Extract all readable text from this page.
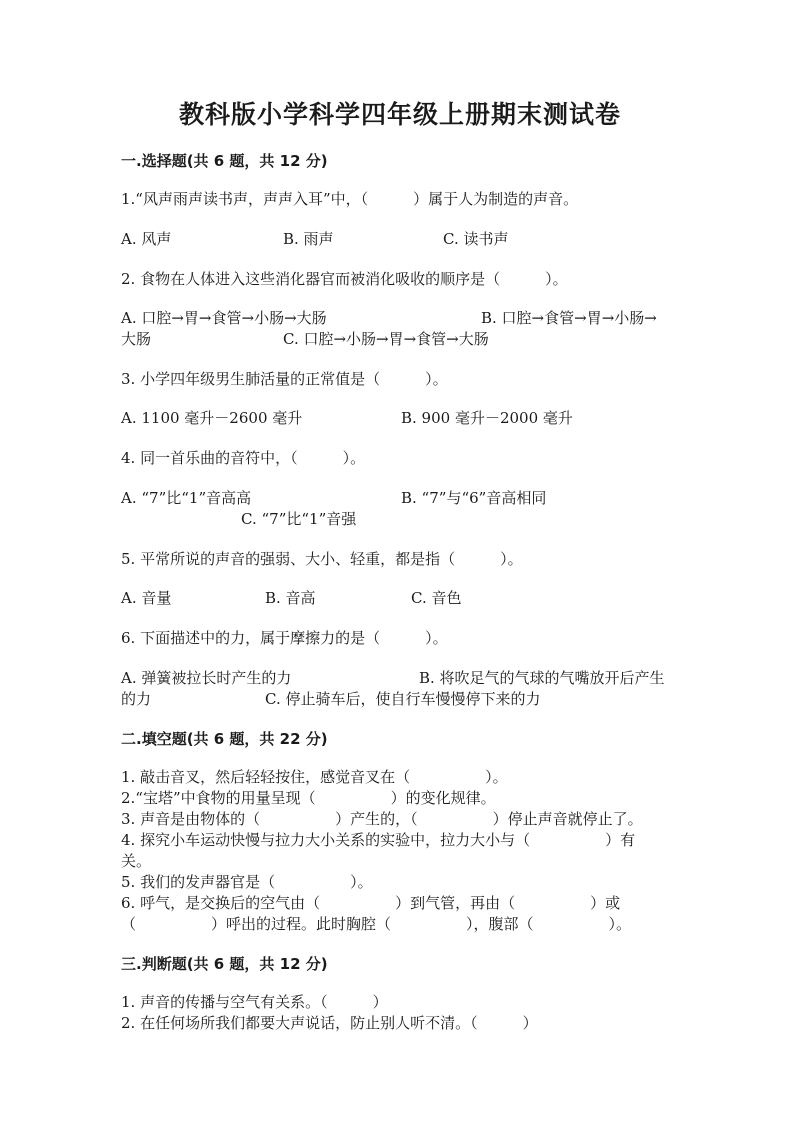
教科版小学科学四年级上册期末测试卷
一.选择题(共 6 题，共 12 分)
1.“风声雨声读书声，声声入耳”中，（　　　）属于人为制造的声音。
A. 风声	B. 雨声	C. 读书声
2. 食物在人体进入这些消化器官而被消化吸收的顺序是（　　　）。
A. 口腔→胃→食管→小肠→大肠	B. 口腔→食管→胃→小肠→
大肠	C. 口腔→小肠→胃→食管→大肠
3. 小学四年级男生肺活量的正常值是（　　　）。
A. 1100 毫升－2600 毫升	B. 900 毫升－2000 毫升
4. 同一首乐曲的音符中，（　　　）。
A. “7”比“1”音高高	B. “7”与“6”音高相同
C. “7”比“1”音强
5. 平常所说的声音的强弱、大小、轻重，都是指（　　　）。
A. 音量	B. 音高	C. 音色
6. 下面描述中的力，属于摩擦力的是（　　　）。
A. 弹簧被拉长时产生的力	B. 将吹足气的气球的气嘴放开后产生
的力	C. 停止骑车后，使自行车慢慢停下来的力
二.填空题(共 6 题，共 22 分)
1. 敲击音叉，然后轻轻按住，感觉音叉在（　　　　　）。
2.“宝塔”中食物的用量呈现（　　　　　）的变化规律。
3. 声音是由物体的（　　　　　）产生的，（　　　　　）停止声音就停止了。
4. 探究小车运动快慢与拉力大小关系的实验中，拉力大小与（　　　　　）有
关。
5. 我们的发声器官是（　　　　　）。
6. 呼气，是交换后的空气由（　　　　　）到气管，再由（　　　　　）或
（　　　　　）呼出的过程。此时胸腔（　　　　　），腹部（　　　　　）。
三.判断题(共 6 题，共 12 分)
1. 声音的传播与空气有关系。（　　　）
2. 在任何场所我们都要大声说话，防止别人听不清。（　　　）
